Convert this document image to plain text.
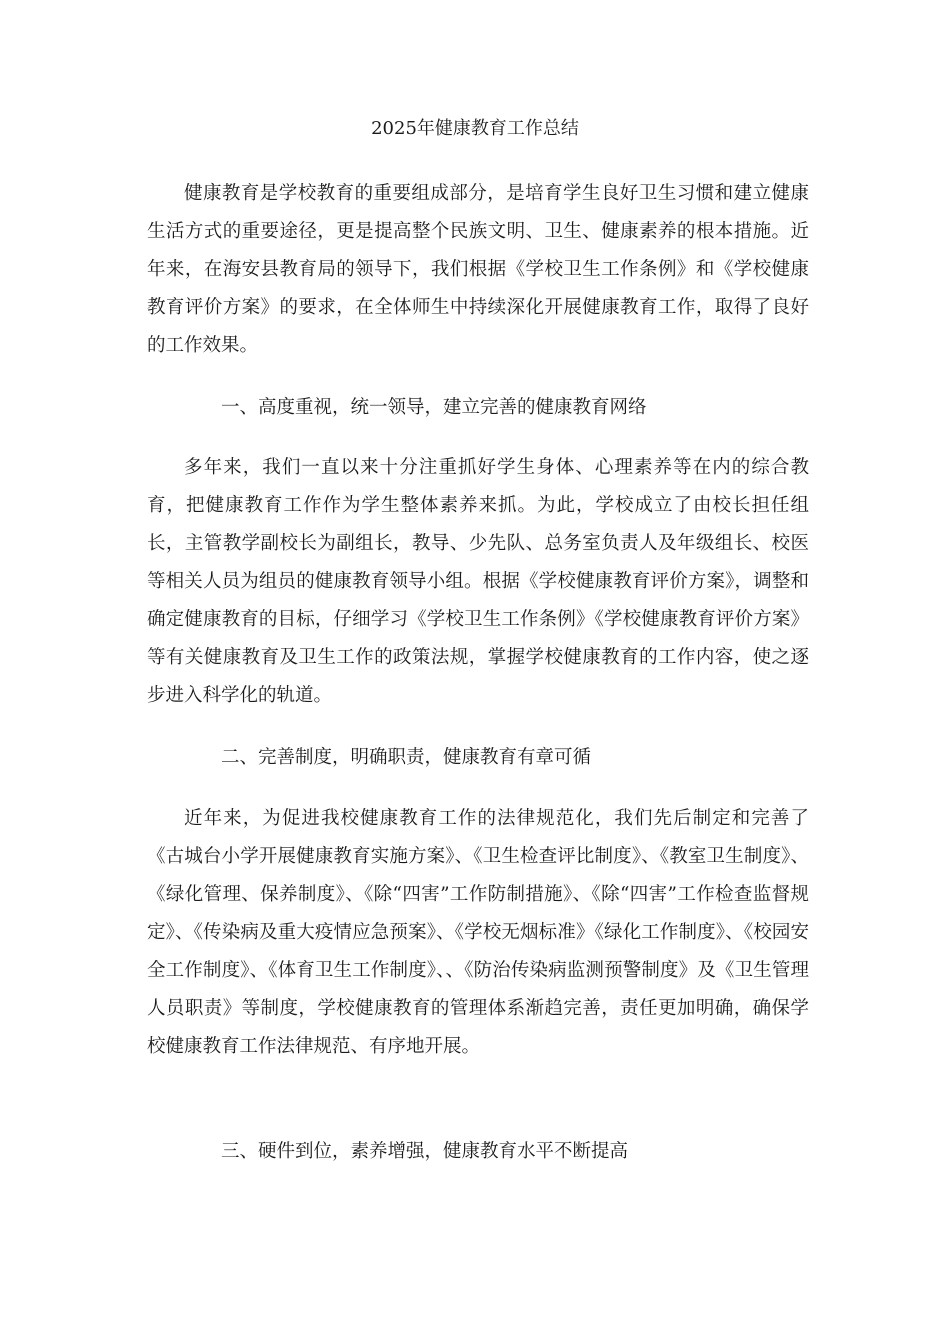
2025年健康教育工作总结

健康教育是学校教育的重要组成部分，是培育学生良好卫生习惯和建立健康生活方式的重要途径，更是提高整个民族文明、卫生、健康素养的根本措施。近年来，在海安县教育局的领导下，我们根据《学校卫生工作条例》和《学校健康教育评价方案》的要求，在全体师生中持续深化开展健康教育工作，取得了良好的工作效果。

一、高度重视，统一领导，建立完善的健康教育网络

多年来，我们一直以来十分注重抓好学生身体、心理素养等在内的综合教育，把健康教育工作作为学生整体素养来抓。为此，学校成立了由校长担任组长，主管教学副校长为副组长，教导、少先队、总务室负责人及年级组长、校医等相关人员为组员的健康教育领导小组。根据《学校健康教育评价方案》，调整和确定健康教育的目标，仔细学习《学校卫生工作条例》《学校健康教育评价方案》等有关健康教育及卫生工作的政策法规，掌握学校健康教育的工作内容，使之逐步进入科学化的轨道。

二、完善制度，明确职责，健康教育有章可循

近年来，为促进我校健康教育工作的法律规范化，我们先后制定和完善了《古城台小学开展健康教育实施方案》、《卫生检查评比制度》、《教室卫生制度》、《绿化管理、保养制度》、《除“四害”工作防制措施》、《除“四害”工作检查监督规定》、《传染病及重大疫情应急预案》、《学校无烟标准》《绿化工作制度》、《校园安全工作制度》、《体育卫生工作制度》、、《防治传染病监测预警制度》及《卫生管理人员职责》等制度，学校健康教育的管理体系渐趋完善，责任更加明确，确保学校健康教育工作法律规范、有序地开展。

三、硬件到位，素养增强，健康教育水平不断提高
